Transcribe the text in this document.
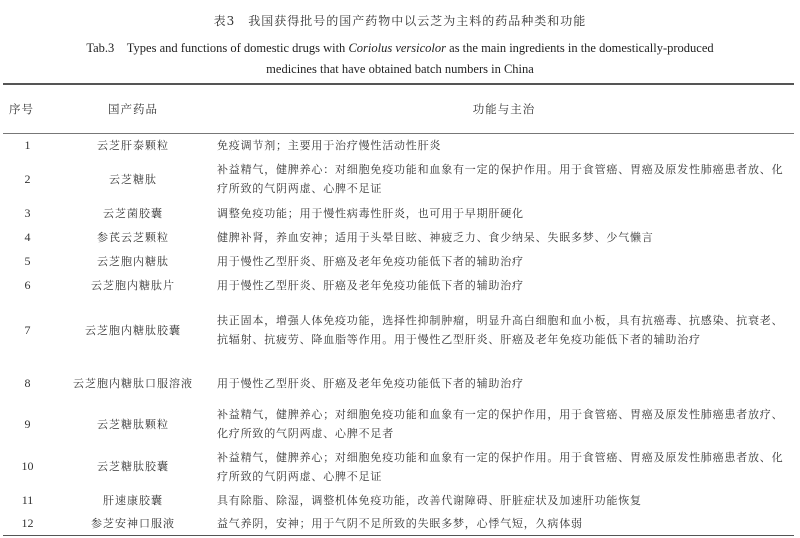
表3　我国获得批号的国产药物中以云芝为主料的药品种类和功能
Tab.3　Types and functions of domestic drugs with Coriolus versicolor as the main ingredients in the domestically-produced
medicines that have obtained batch numbers in China
序号	国产药品	功能与主治
1	云芝肝泰颗粒	免疫调节剂；主要用于治疗慢性活动性肝炎
2	云芝糖肽	补益精气，健脾养心：对细胞免疫功能和血象有一定的保护作用。用于食管癌、胃癌及原发性肺癌患者放、化疗所致的气阴两虚、心脾不足证
3	云芝菌胶囊	调整免疫功能；用于慢性病毒性肝炎，也可用于早期肝硬化
4	参芪云芝颗粒	健脾补肾，养血安神；适用于头晕目眩、神疲乏力、食少纳呆、失眠多梦、少气懒言
5	云芝胞内糖肽	用于慢性乙型肝炎、肝癌及老年免疫功能低下者的辅助治疗
6	云芝胞内糖肽片	用于慢性乙型肝炎、肝癌及老年免疫功能低下者的辅助治疗
7	云芝胞内糖肽胶囊	扶正固本，增强人体免疫功能，选择性抑制肿瘤，明显升高白细胞和血小板，具有抗癌毒、抗感染、抗衰老、抗辐射、抗疲劳、降血脂等作用。用于慢性乙型肝炎、肝癌及老年免疫功能低下者的辅助治疗
8	云芝胞内糖肽口服溶液	用于慢性乙型肝炎、肝癌及老年免疫功能低下者的辅助治疗
9	云芝糖肽颗粒	补益精气，健脾养心；对细胞免疫功能和血象有一定的保护作用，用于食管癌、胃癌及原发性肺癌患者放疗、化疗所致的气阴两虚、心脾不足者
10	云芝糖肽胶囊	补益精气，健脾养心；对细胞免疫功能和血象有一定的保护作用。用于食管癌、胃癌及原发性肺癌患者放、化疗所致的气阴两虚、心脾不足证
11	肝速康胶囊	具有除脂、除湿，调整机体免疫功能，改善代谢障碍、肝脏症状及加速肝功能恢复
12	参芝安神口服液	益气养阴，安神；用于气阴不足所致的失眠多梦，心悸气短，久病体弱
